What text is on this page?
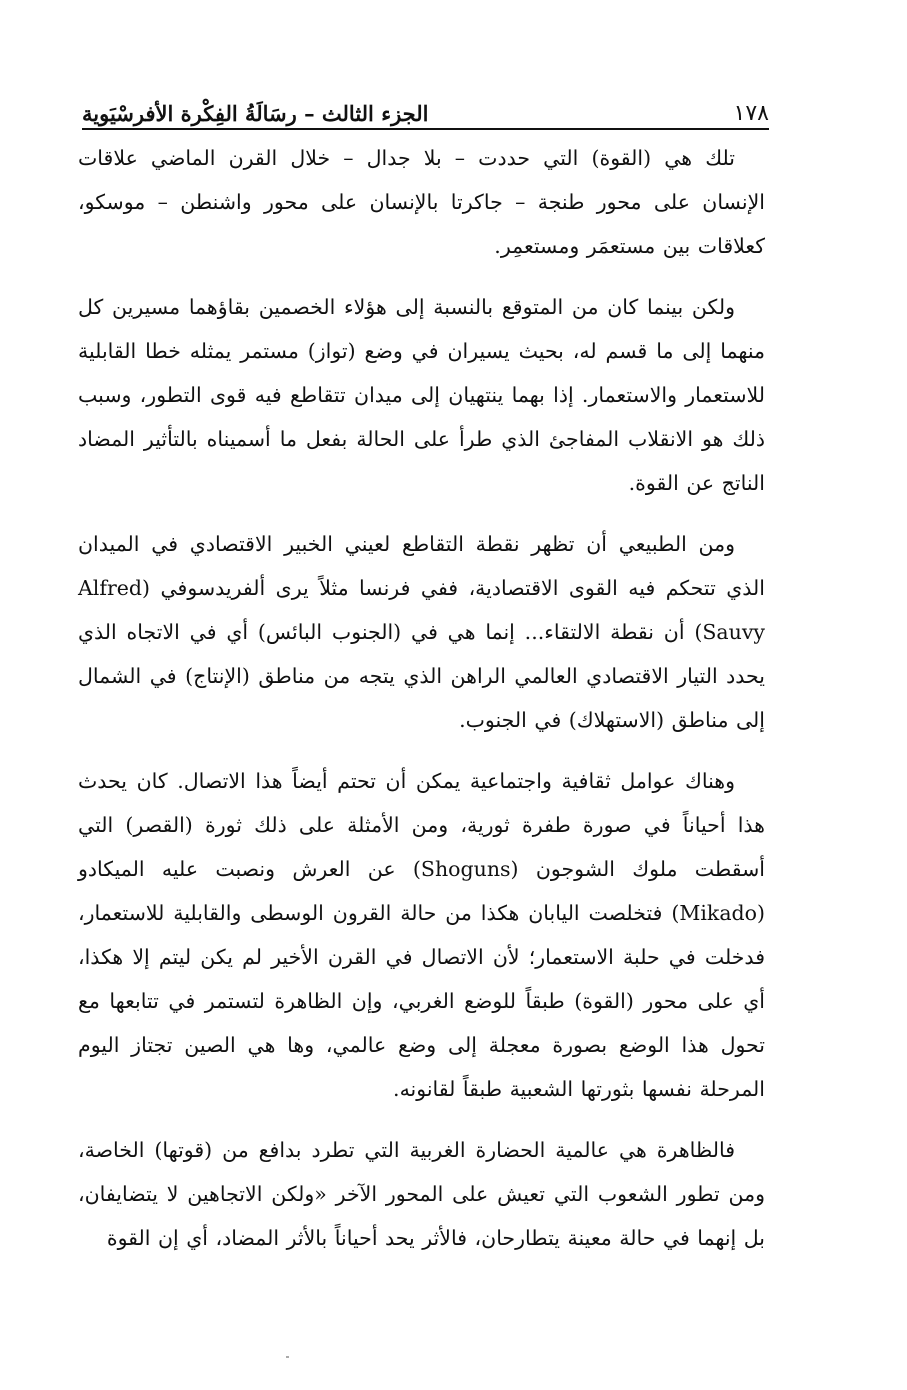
١٧٨
الجزء الثالث – رسَالَةُ الفِكْرة الأفرسْيَوية

تلك هي (القوة) التي حددت – بلا جدال – خلال القرن الماضي علاقات الإنسان على محور طنجة – جاكرتا بالإنسان على محور واشنطن – موسكو، كعلاقات بين مستعمَر ومستعمِر.

ولكن بينما كان من المتوقع بالنسبة إلى هؤلاء الخصمين بقاؤهما مسيرين كل منهما إلى ما قسم له، بحيث يسيران في وضع (تواز) مستمر يمثله خطا القابلية للاستعمار والاستعمار. إذا بهما ينتهيان إلى ميدان تتقاطع فيه قوى التطور، وسبب ذلك هو الانقلاب المفاجئ الذي طرأ على الحالة بفعل ما أسميناه بالتأثير المضاد الناتج عن القوة.

ومن الطبيعي أن تظهر نقطة التقاطع لعيني الخبير الاقتصادي في الميدان الذي تتحكم فيه القوى الاقتصادية، ففي فرنسا مثلاً يرى ألفريدسوفي (Alfred Sauvy) أن نقطة الالتقاء... إنما هي في (الجنوب البائس) أي في الاتجاه الذي يحدد التيار الاقتصادي العالمي الراهن الذي يتجه من مناطق (الإنتاج) في الشمال إلى مناطق (الاستهلاك) في الجنوب.

وهناك عوامل ثقافية واجتماعية يمكن أن تحتم أيضاً هذا الاتصال. كان يحدث هذا أحياناً في صورة طفرة ثورية، ومن الأمثلة على ذلك ثورة (القصر) التي أسقطت ملوك الشوجون (Shoguns) عن العرش ونصبت عليه الميكادو (Mikado) فتخلصت اليابان هكذا من حالة القرون الوسطى والقابلية للاستعمار، فدخلت في حلبة الاستعمار؛ لأن الاتصال في القرن الأخير لم يكن ليتم إلا هكذا، أي على محور (القوة) طبقاً للوضع الغربي، وإن الظاهرة لتستمر في تتابعها مع تحول هذا الوضع بصورة معجلة إلى وضع عالمي، وها هي الصين تجتاز اليوم المرحلة نفسها بثورتها الشعبية طبقاً لقانونه.

فالظاهرة هي عالمية الحضارة الغربية التي تطرد بدافع من (قوتها) الخاصة، ومن تطور الشعوب التي تعيش على المحور الآخر «ولكن الاتجاهين لا يتضايفان، بل إنهما في حالة معينة يتطارحان، فالأثر يحد أحياناً بالأثر المضاد، أي إن القوة
